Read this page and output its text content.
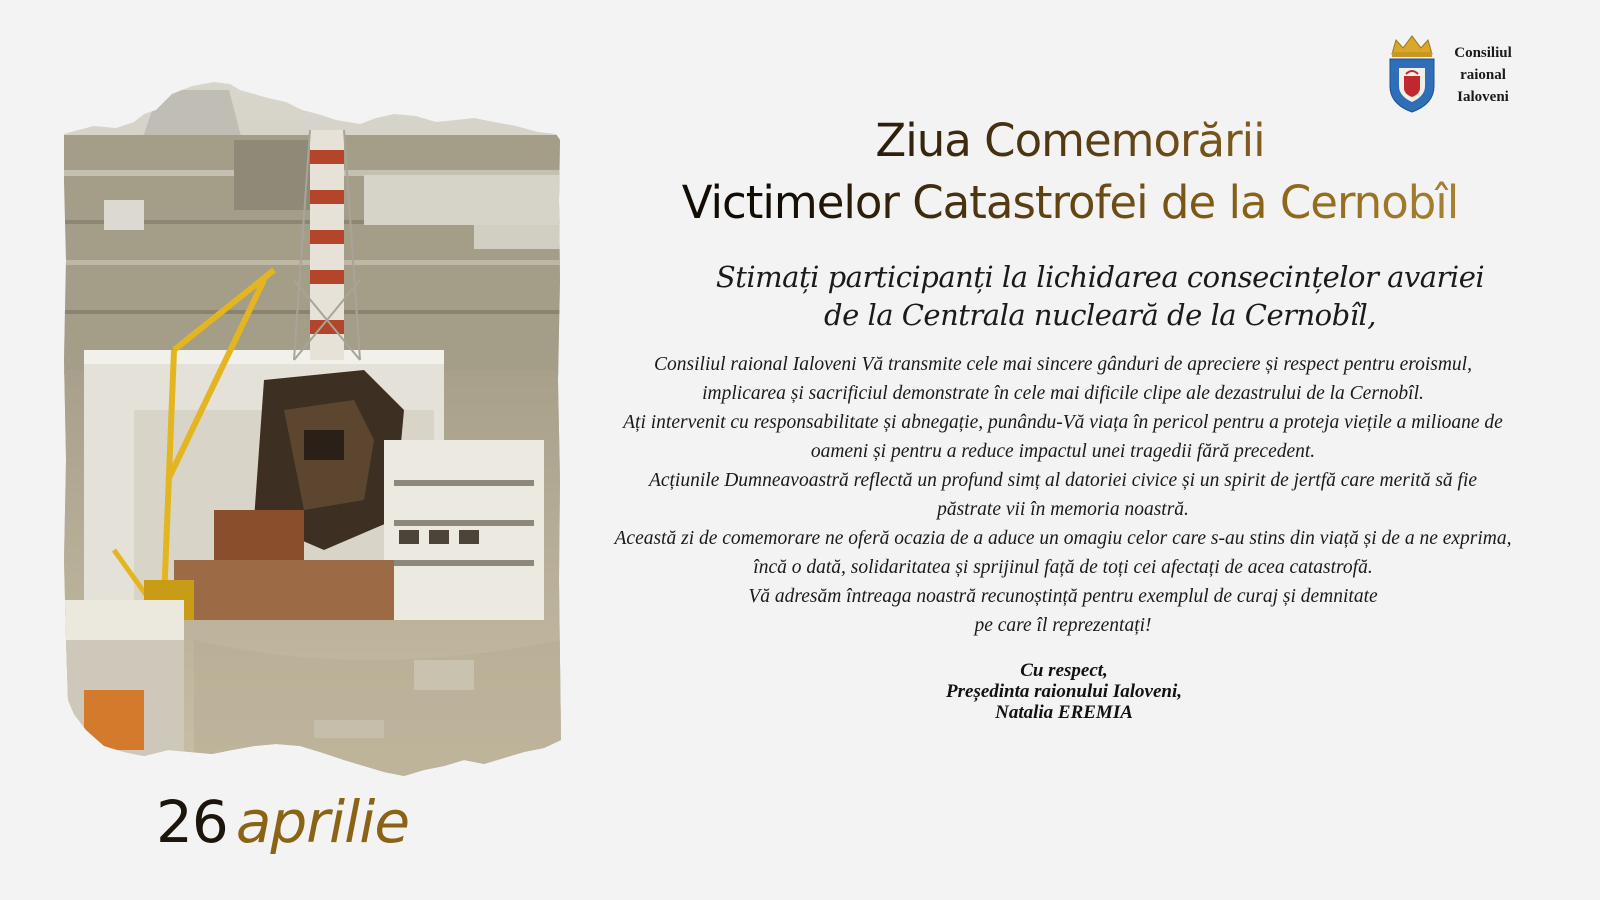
26 aprilie
Consiliul
raional
Ialoveni
Ziua Comemorării
Victimelor Catastrofei de la Cernobîl
Stimați participanți la lichidarea consecințelor avariei
de la Centrala nucleară de la Cernobîl,
Consiliul raional Ialoveni Vă transmite cele mai sincere gânduri de apreciere și respect pentru eroismul,
implicarea și sacrificiul demonstrate în cele mai dificile clipe ale dezastrului de la Cernobîl.
Ați intervenit cu responsabilitate și abnegație, punându-Vă viața în pericol pentru a proteja viețile a milioane de
oameni și pentru a reduce impactul unei tragedii fără precedent.
Acțiunile Dumneavoastră reflectă un profund simț al datoriei civice și un spirit de jertfă care merită să fie
păstrate vii în memoria noastră.
Această zi de comemorare ne oferă ocazia de a aduce un omagiu celor care s-au stins din viață și de a ne exprima,
încă o dată, solidaritatea și sprijinul față de toți cei afectați de acea catastrofă.
Vă adresăm întreaga noastră recunoștință pentru exemplul de curaj și demnitate
pe care îl reprezentați!
Cu respect,
Președinta raionului Ialoveni,
Natalia EREMIA
